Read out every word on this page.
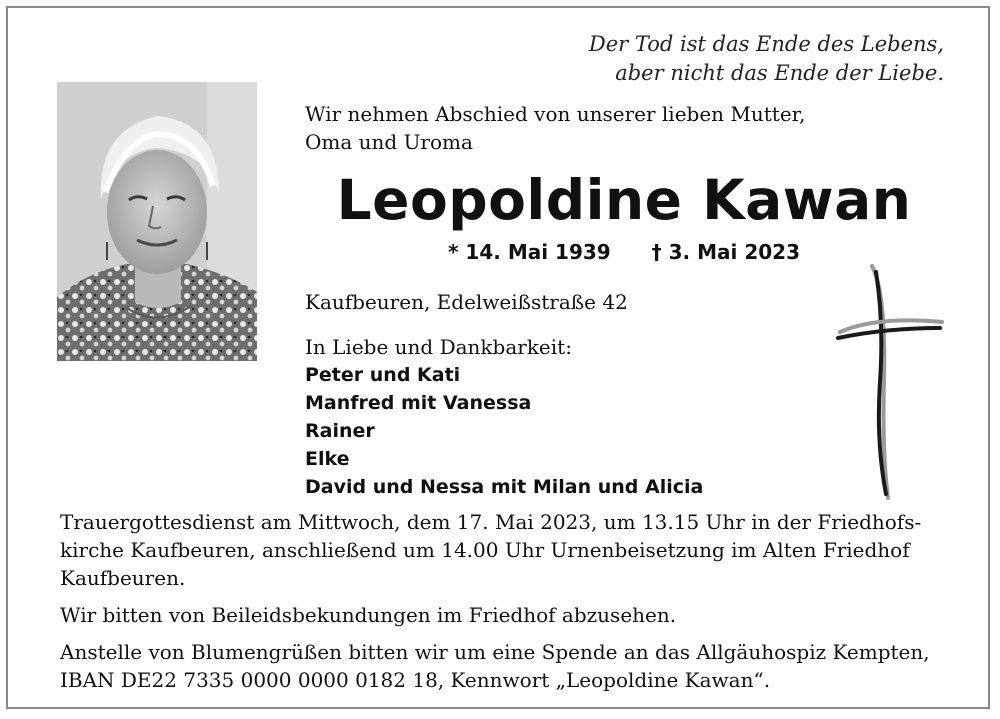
Der Tod ist das Ende des Lebens,
aber nicht das Ende der Liebe.
Wir nehmen Abschied von unserer lieben Mutter,
Oma und Uroma
Leopoldine Kawan
* 14. Mai 1939 † 3. Mai 2023
Kaufbeuren, Edelweißstraße 42
In Liebe und Dankbarkeit:
Peter und Kati
Manfred mit Vanessa
Rainer
Elke
David und Nessa mit Milan und Alicia

Trauergottesdienst am Mittwoch, dem 17. Mai 2023, um 13.15 Uhr in der Friedhofs-kirche Kaufbeuren, anschließend um 14.00 Uhr Urnenbeisetzung im Alten Friedhof Kaufbeuren.

Wir bitten von Beileidsbekundungen im Friedhof abzusehen.

Anstelle von Blumengrüßen bitten wir um eine Spende an das Allgäuhospiz Kempten, IBAN DE22 7335 0000 0000 0182 18, Kennwort „Leopoldine Kawan“.
